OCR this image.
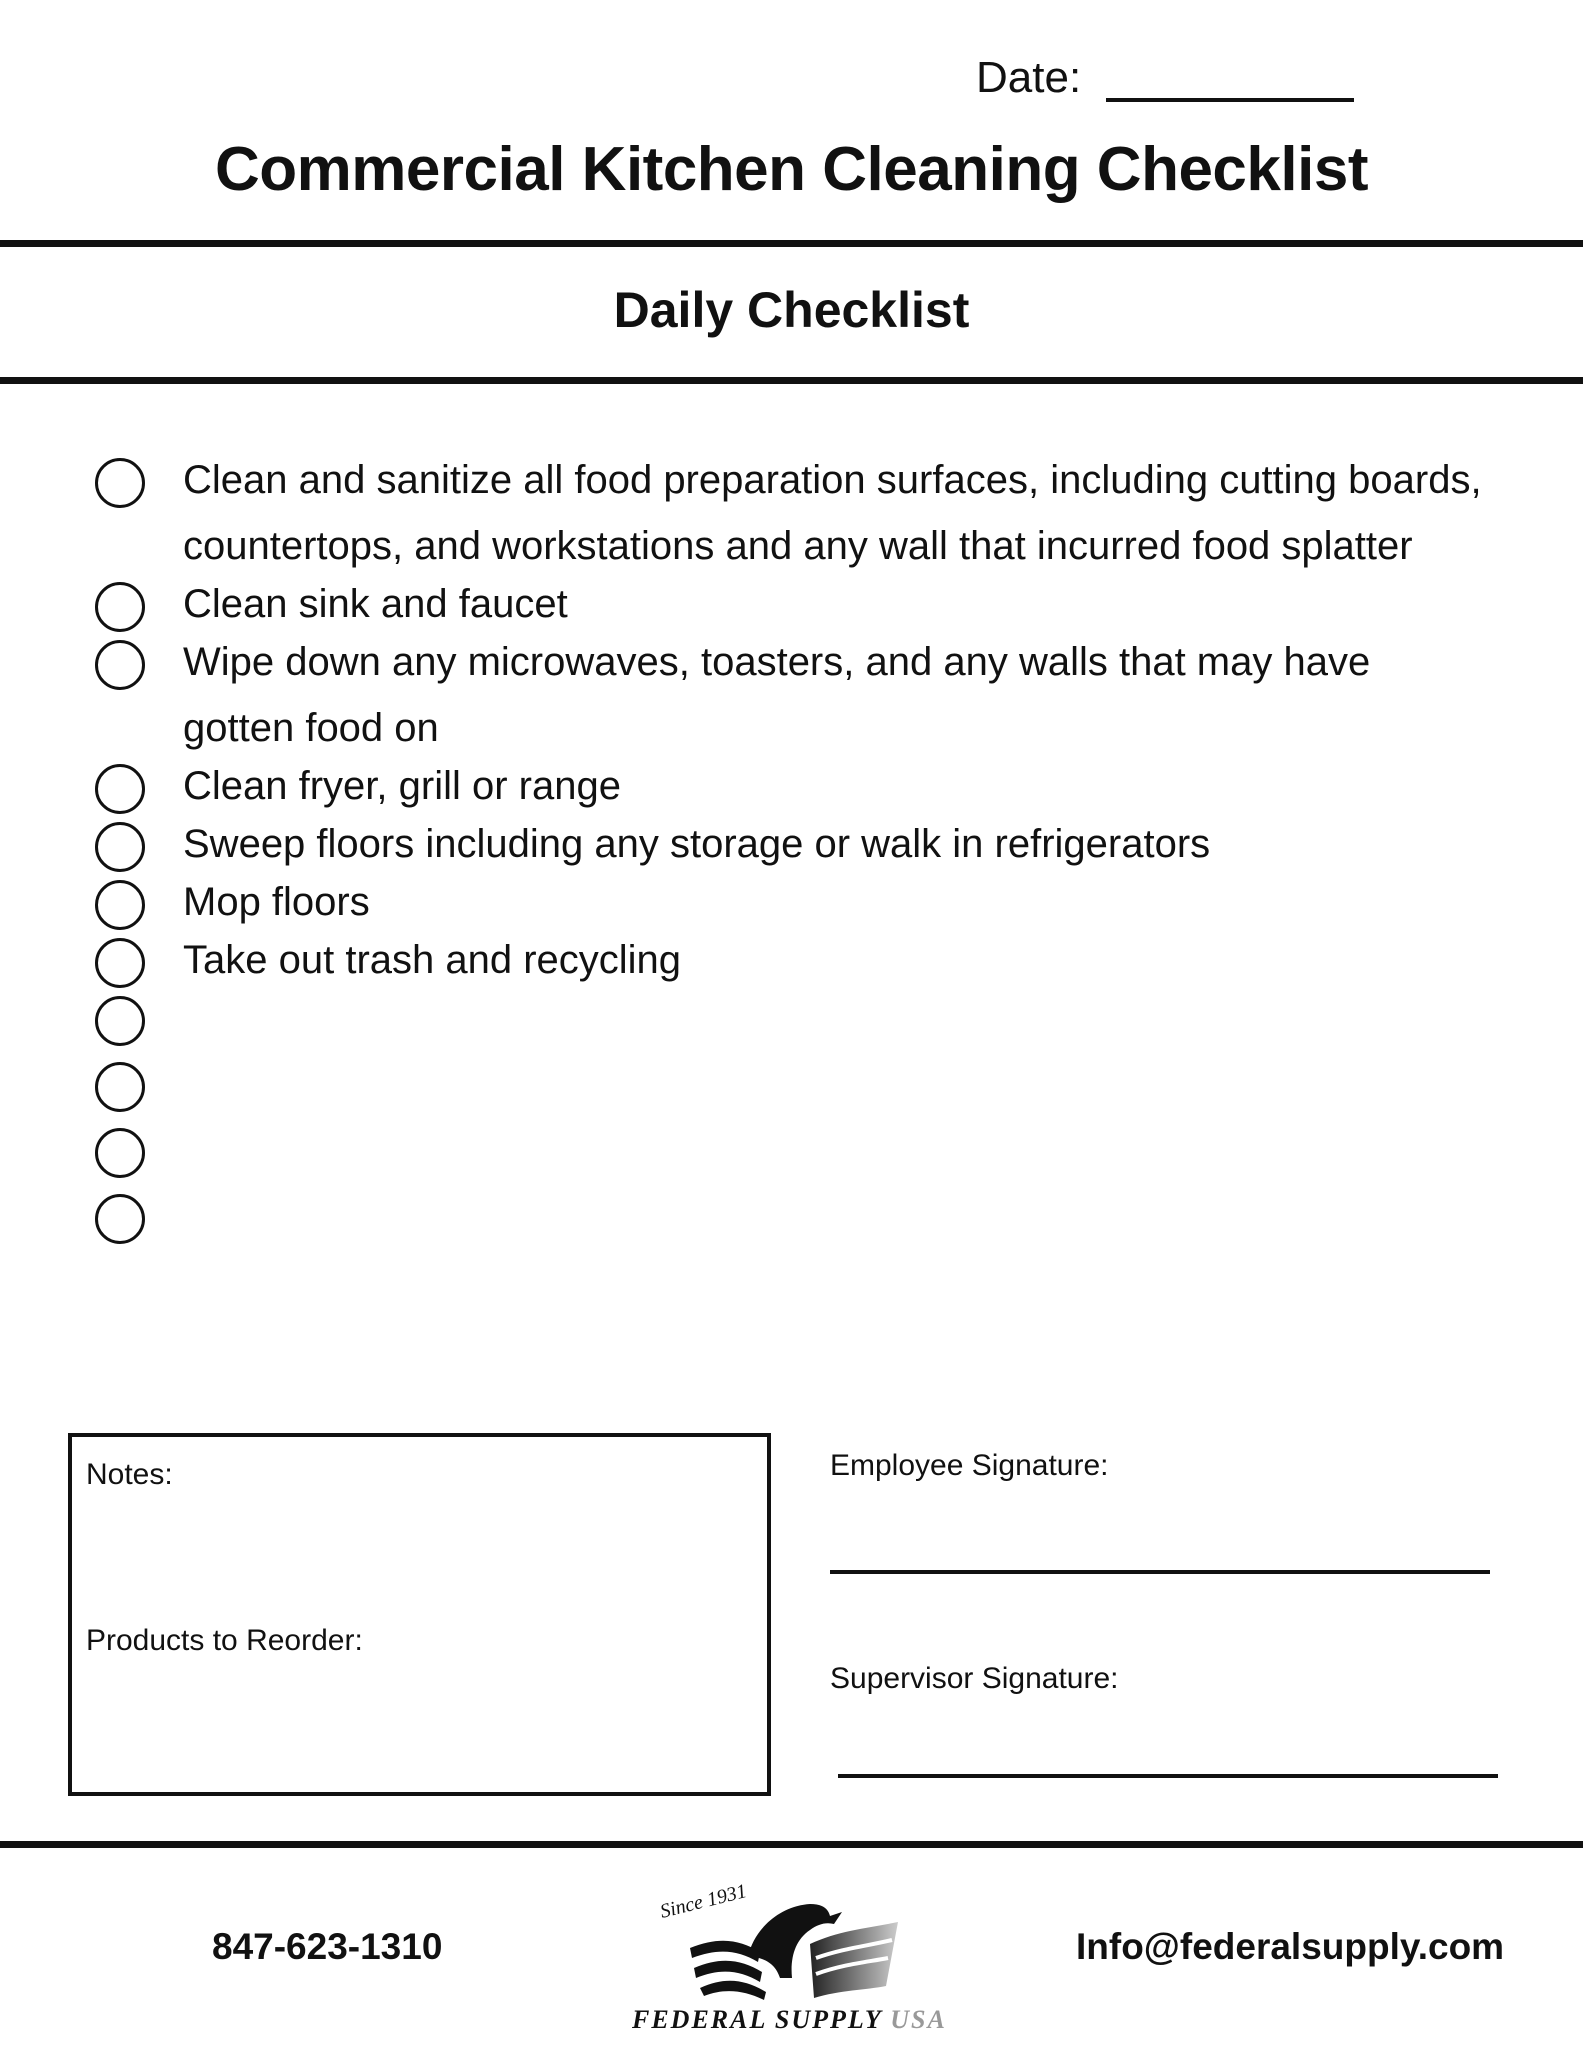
Date:
Commercial Kitchen Cleaning Checklist
Daily Checklist
Clean and sanitize all food preparation surfaces, including cutting boards, countertops, and workstations and any wall that incurred food splatter
Clean sink and faucet
Wipe down any microwaves, toasters, and any walls that may have gotten food on
Clean fryer, grill or range
Sweep floors including any storage or walk in refrigerators
Mop floors
Take out trash and recycling
Notes:
Products to Reorder:
Employee Signature:
Supervisor Signature:
847-623-1310
Since 1931
FEDERAL SUPPLY USA
Info@federalsupply.com
